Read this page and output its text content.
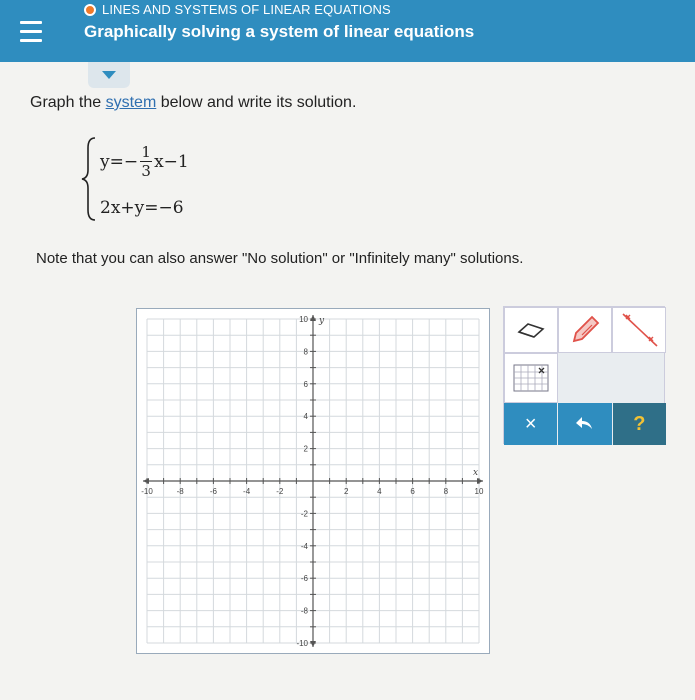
LINES AND SYSTEMS OF LINEAR EQUATIONS
Graphically solving a system of linear equations
Graph the system below and write its solution.
$y=- \frac{1}{3} x-1$
2x+y=−6
Note that you can also answer "No solution" or "Infinitely many" solutions.
-10	-8	-6	-4	-2	2	4	6	8	10
10
8
6
4
2
-2
-4
-6
-8
-10
x
y
×	?
